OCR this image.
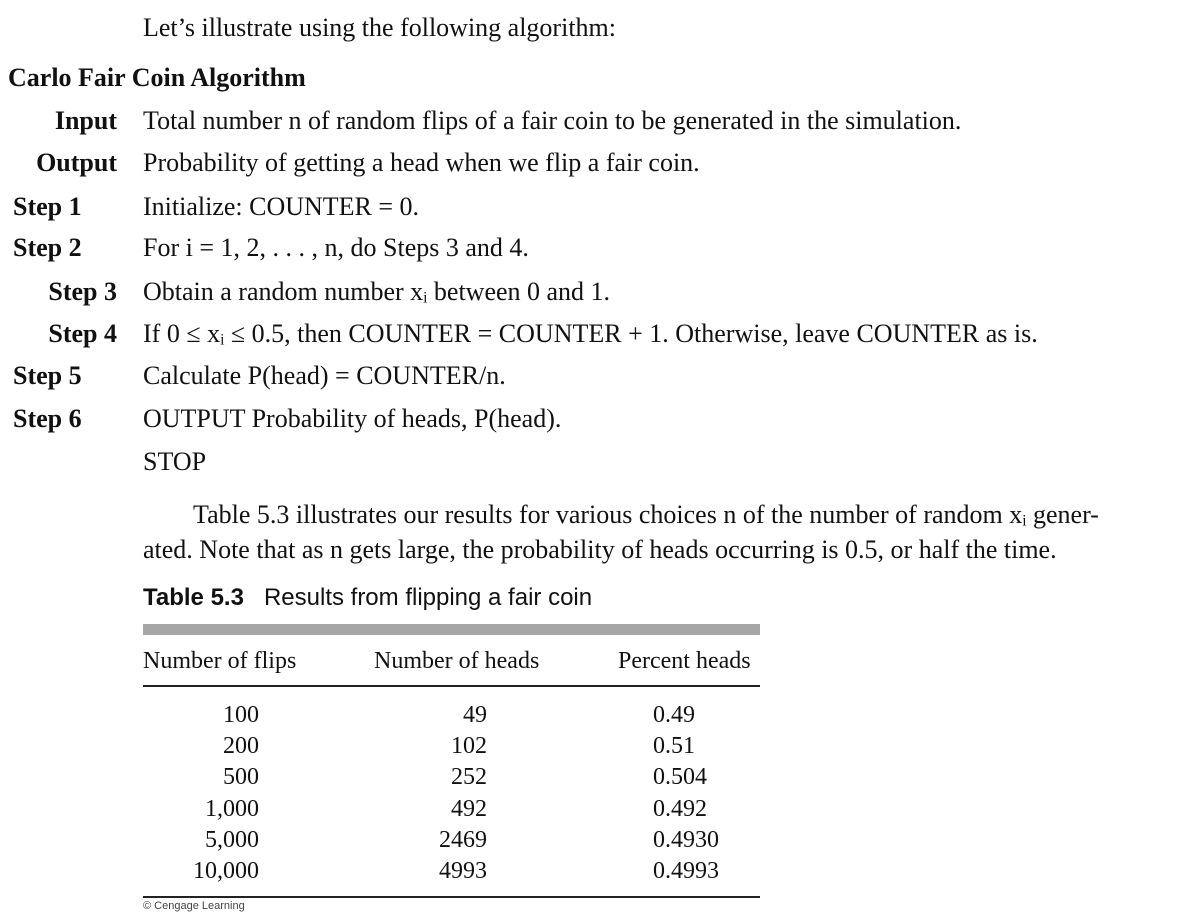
Let’s illustrate using the following algorithm:
Carlo Fair Coin Algorithm
Input Total number n of random flips of a fair coin to be generated in the simulation.
Output Probability of getting a head when we flip a fair coin.
Step 1 Initialize: COUNTER = 0.
Step 2 For i = 1, 2, . . . , n, do Steps 3 and 4.
Step 3 Obtain a random number xᵢ between 0 and 1.
Step 4 If 0 ≤ xᵢ ≤ 0.5, then COUNTER = COUNTER + 1. Otherwise, leave COUNTER as is.
Step 5 Calculate P(head) = COUNTER/n.
Step 6 OUTPUT Probability of heads, P(head).
STOP
Table 5.3 illustrates our results for various choices n of the number of random xᵢ gener-
ated. Note that as n gets large, the probability of heads occurring is 0.5, or half the time.
Table 5.3 Results from flipping a fair coin
Number of flips	Number of heads	Percent heads
100	49	0.49
200	102	0.51
500	252	0.504
1,000	492	0.492
5,000	2469	0.4930
10,000	4993	0.4993
© Cengage Learning
